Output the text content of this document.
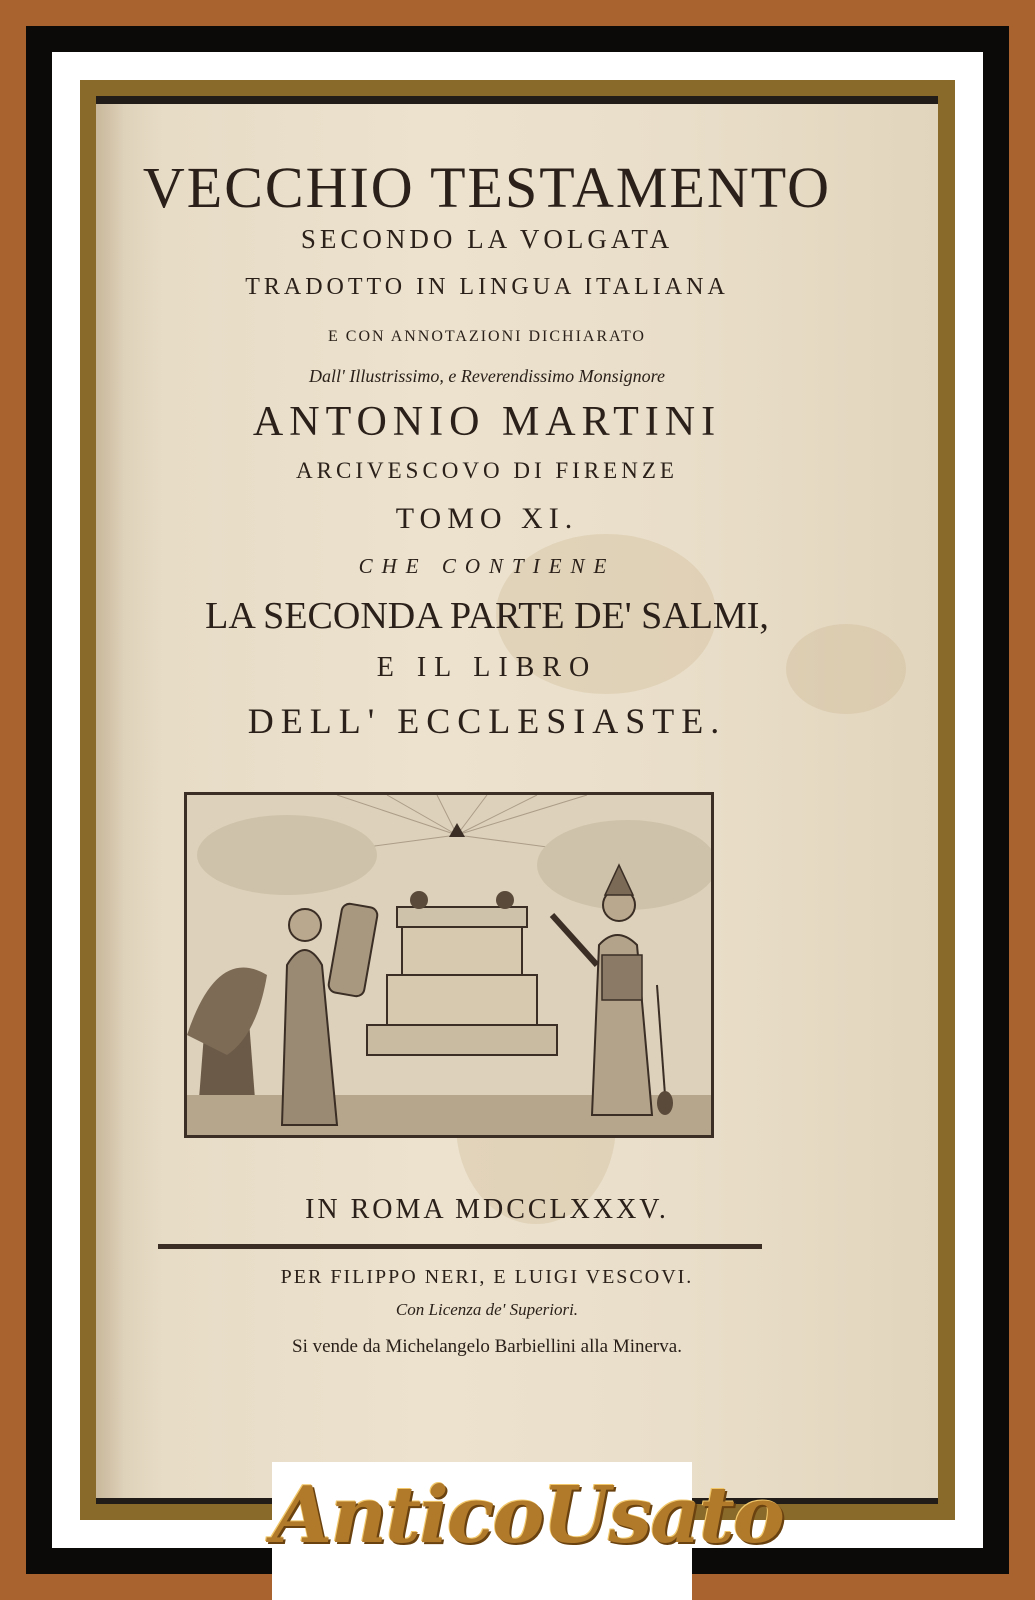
VECCHIO TESTAMENTO
SECONDO LA VOLGATA
TRADOTTO IN LINGUA ITALIANA
E CON ANNOTAZIONI DICHIARATO
Dall' Illustrissimo, e Reverendissimo Monsignore
ANTONIO MARTINI
ARCIVESCOVO DI FIRENZE
TOMO XI.
CHE CONTIENE
LA SECONDA PARTE DE' SALMI,
E IL LIBRO
DELL' ECCLESIASTE.
IN ROMA MDCCLXXXV.
PER FILIPPO NERI, E LUIGI VESCOVI.
Con Licenza de' Superiori.
Si vende da Michelangelo Barbiellini alla Minerva.
AnticoUsato
